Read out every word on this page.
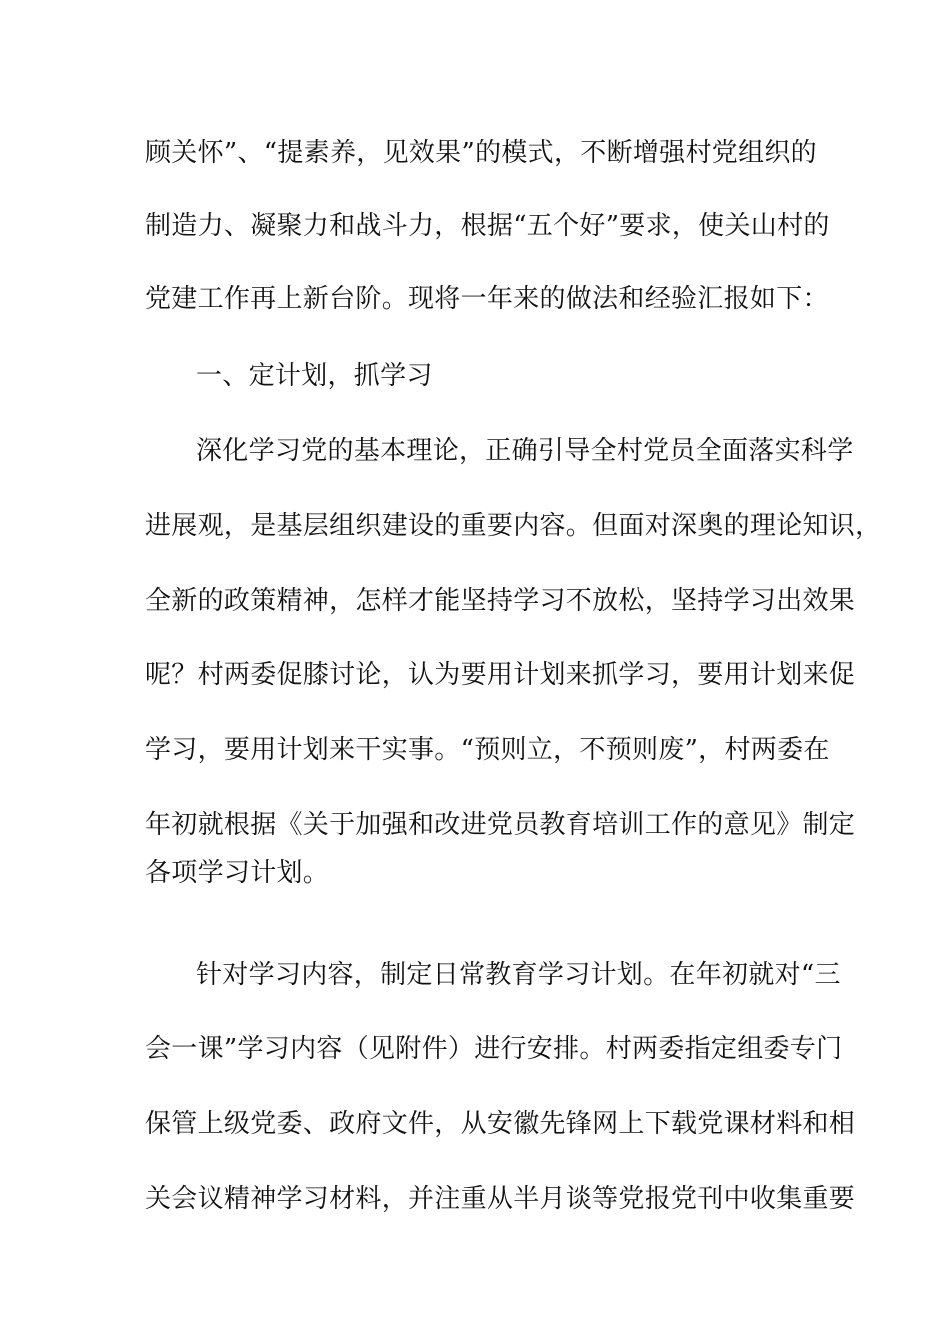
顾关怀”、“提素养，见效果”的模式，不断增强村党组织的
制造力、凝聚力和战斗力，根据“五个好”要求，使关山村的
党建工作再上新台阶。现将一年来的做法和经验汇报如下：
一、定计划，抓学习
深化学习党的基本理论，正确引导全村党员全面落实科学
进展观，是基层组织建设的重要内容。但面对深奥的理论知识，
全新的政策精神，怎样才能坚持学习不放松，坚持学习出效果
呢？村两委促膝讨论，认为要用计划来抓学习，要用计划来促
学习，要用计划来干实事。“预则立，不预则废”，村两委在
年初就根据《关于加强和改进党员教育培训工作的意见》制定
各项学习计划。
针对学习内容，制定日常教育学习计划。在年初就对“三
会一课”学习内容（见附件）进行安排。村两委指定组委专门
保管上级党委、政府文件，从安徽先锋网上下载党课材料和相
关会议精神学习材料，并注重从半月谈等党报党刊中收集重要
